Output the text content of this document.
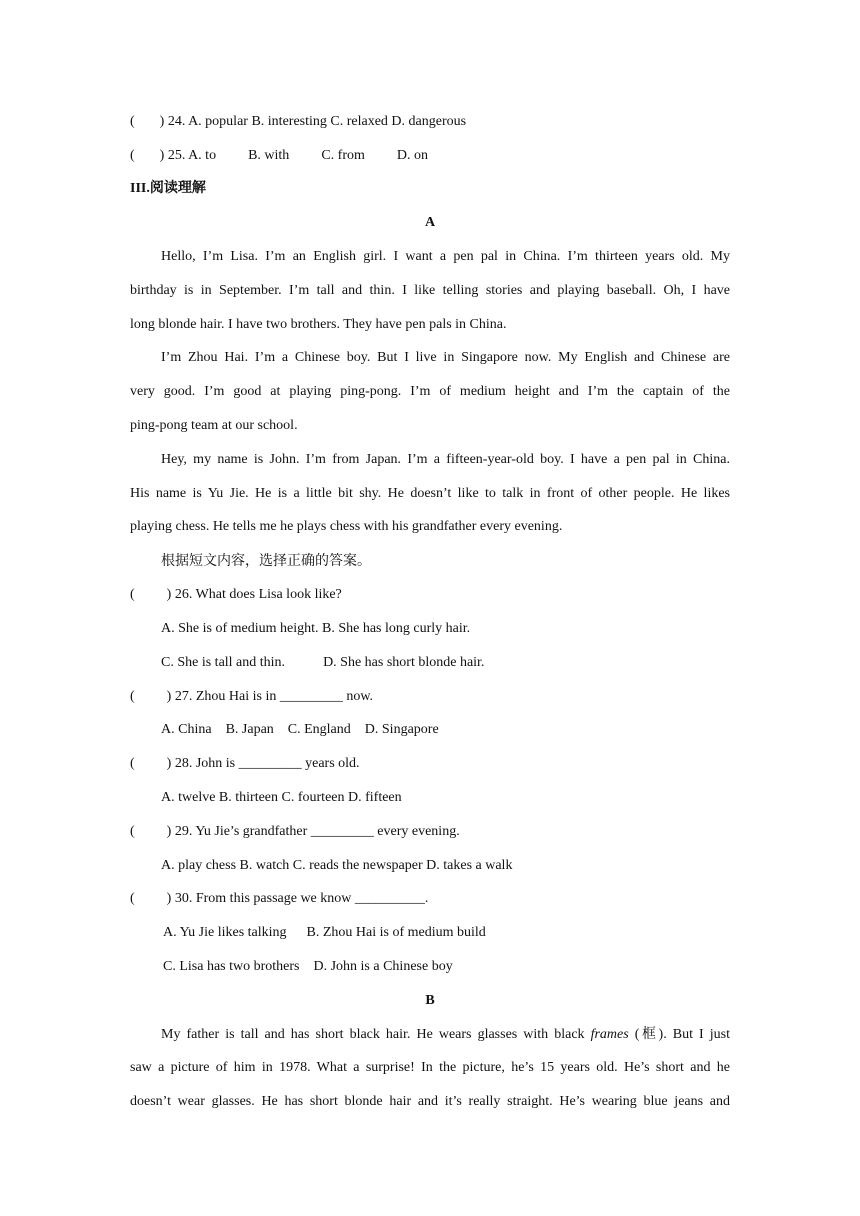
( ) 24. A. popular B. interesting C. relaxed D. dangerous
( ) 25. A. to B. with C. from D. on
III.阅读理解
A
Hello, I’m Lisa. I’m an English girl. I want a pen pal in China. I’m thirteen years old. My
birthday is in September. I’m tall and thin. I like telling stories and playing baseball. Oh, I have
long blonde hair. I have two brothers. They have pen pals in China.
I’m Zhou Hai. I’m a Chinese boy. But I live in Singapore now. My English and Chinese are
very good. I’m good at playing ping-pong. I’m of medium height and I’m the captain of the
ping-pong team at our school.
Hey, my name is John. I’m from Japan. I’m a fifteen-year-old boy. I have a pen pal in China.
His name is Yu Jie. He is a little bit shy. He doesn’t like to talk in front of other people. He likes
playing chess. He tells me he plays chess with his grandfather every evening.
根据短文内容，选择正确的答案。
( ) 26. What does Lisa look like?
A. She is of medium height. B. She has long curly hair.
C. She is tall and thin.	D. She has short blonde hair.
( ) 27. Zhou Hai is in _________ now.
A. China B. Japan C. England D. Singapore
( ) 28. John is _________ years old.
A. twelve B. thirteen C. fourteen D. fifteen
( ) 29. Yu Jie’s grandfather _________ every evening.
A. play chess B. watch C. reads the newspaper D. takes a walk
( ) 30. From this passage we know __________.
A. Yu Jie likes talking B. Zhou Hai is of medium build
C. Lisa has two brothers D. John is a Chinese boy
B
My father is tall and has short black hair. He wears glasses with black frames (框). But I just
saw a picture of him in 1978. What a surprise! In the picture, he’s 15 years old. He’s short and he
doesn’t wear glasses. He has short blonde hair and it’s really straight. He’s wearing blue jeans and
